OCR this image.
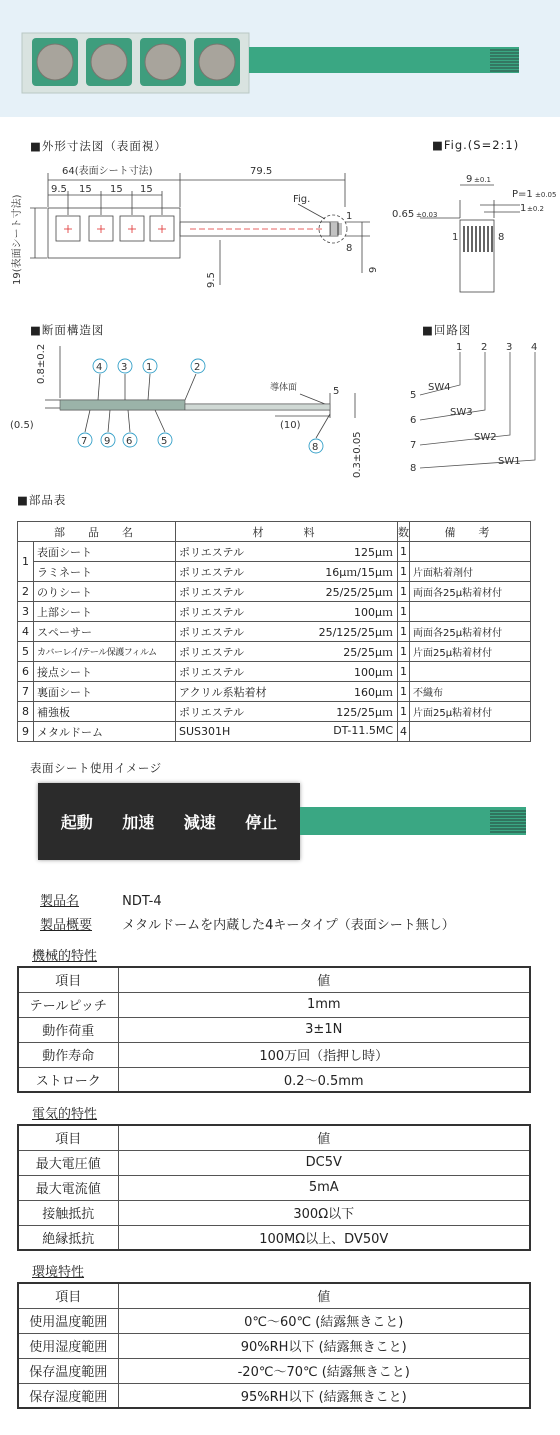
■外形寸法図（表面視）	■Fig.(S=2:1)
■断面構造図	■回路図
■部品表
64(表面シート寸法)	79.5
9.5 15 15 15
Fig.
1
8
19(表面シート寸法)	9.5
9
9 ±0.1
P=1 ±0.05
1 ±0.2
0.65 ±0.03
1	8
4 3 1	2
7 9 6	5
8
(0.5)
導体面	5
(10)
0.8±0.2
0.3±0.05
1 2 3 4
5
6
7
8
SW4
SW3
SW2
SW1
部　品　名		材　　料	数	備　考
1	表面シート	ポリエステル 125μｍ	1	
	ラミネート	ポリエステル 16μｍ/15μｍ	1	片面粘着剤付
2	のりシート	ポリエステル 25/25/25μｍ	1	両面各25μ粘着材付
3	上部シート	ポリエステル 100μｍ	1	
4	スペーサー	ポリエステル 25/125/25μｍ	1	両面各25μ粘着材付
5	カバーレイ/テール保護フィルム	ポリエステル 25/25μｍ	1	片面25μ粘着材付
6	接点シート	ポリエステル 100μｍ	1	
7	裏面シート	アクリル系粘着材 160μｍ	1	不織布
8	補強板	ポリエステル 125/25μｍ	1	片面25μ粘着材付
9	メタルドーム	SUS301H DT-11.5MC	4	
表面シート使用イメージ
起動 加速 減速 停止
製品名	NDT-4
製品概要 メタルドームを内蔵した4キータイプ（表面シート無し）
機械的特性
項目	値
テールピッチ	1mm
動作荷重	3±1N
動作寿命	100万回（指押し時）
ストローク	0.2〜0.5mm
電気的特性
項目	値
最大電圧値	DC5V
最大電流値	5mA
接触抵抗	300Ω以下
絶縁抵抗	100MΩ以上、DV50V
環境特性
項目	値
使用温度範囲	0℃〜60℃ (結露無きこと)
使用湿度範囲	90%RH以下 (結露無きこと)
保存温度範囲	-20℃〜70℃ (結露無きこと)
保存湿度範囲	95%RH以下 (結露無きこと)
